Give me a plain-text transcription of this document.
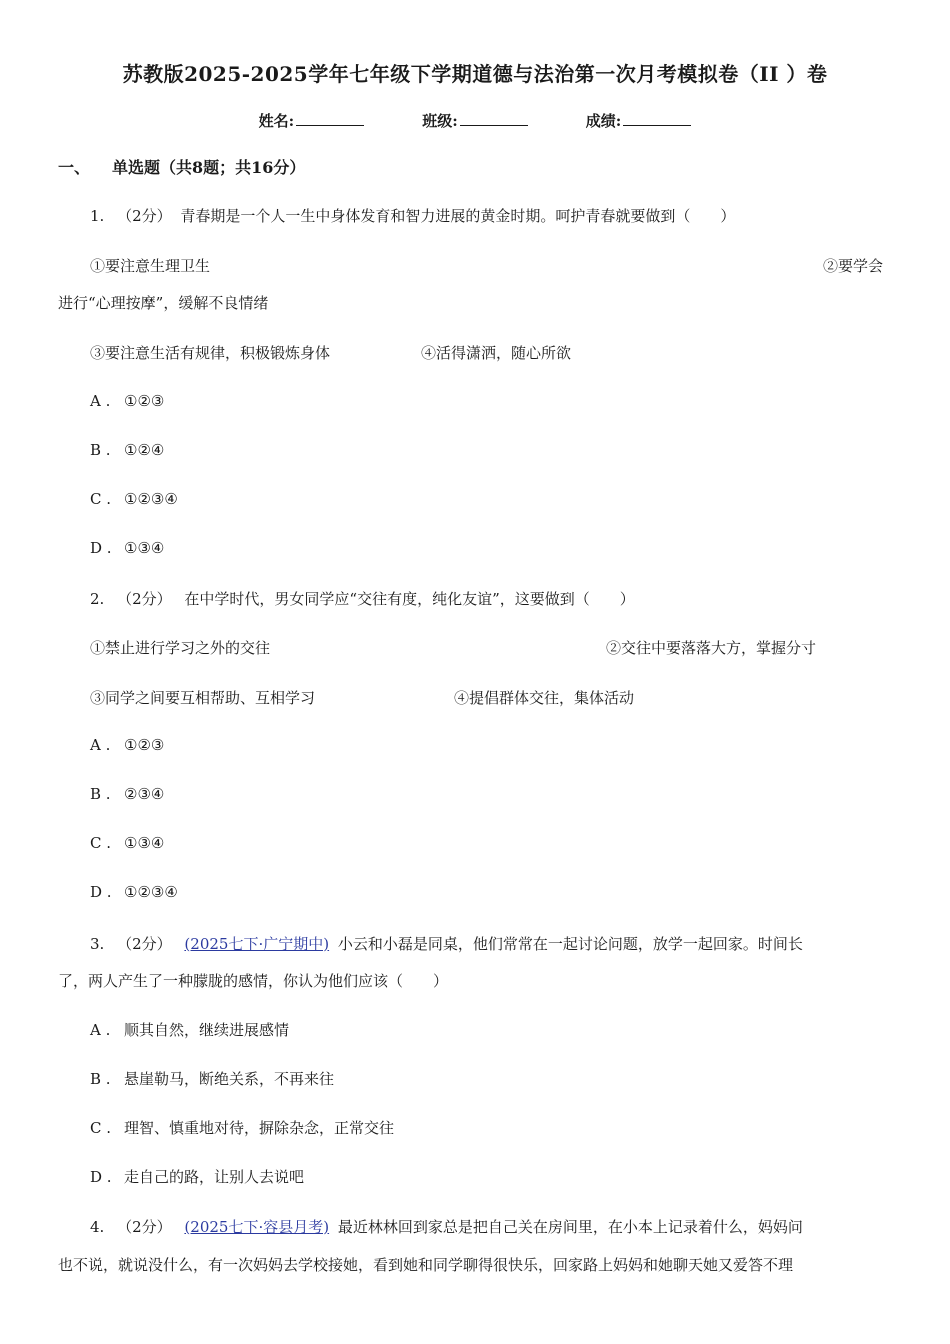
苏教版2025-2025学年七年级下学期道德与法治第一次月考模拟卷（II ）卷
姓名:	班级:	成绩:
一、 单选题（共8题；共16分）
1. （2分） 青春期是一个人一生中身体发育和智力进展的黄金时期。呵护青春就要做到（　　）
①要注意生理卫生	②要学会
进行“心理按摩”，缓解不良情绪
③要注意生活有规律，积极锻炼身体	④活得潇洒，随心所欲
A . ①②③
B . ①②④
C . ①②③④
D . ①③④
2. （2分） 在中学时代，男女同学应“交往有度，纯化友谊”，这要做到（　　）
①禁止进行学习之外的交往	②交往中要落落大方，掌握分寸
③同学之间要互相帮助、互相学习	④提倡群体交往，集体活动
A . ①②③
B . ②③④
C . ①③④
D . ①②③④
3. （2分） (2025七下·广宁期中) 小云和小磊是同桌，他们常常在一起讨论问题，放学一起回家。时间长
了，两人产生了一种朦胧的感情，你认为他们应该（　　）
A . 顺其自然，继续进展感情
B . 悬崖勒马，断绝关系，不再来往
C . 理智、慎重地对待，摒除杂念，正常交往
D . 走自己的路，让别人去说吧
4. （2分） (2025七下·容县月考) 最近林林回到家总是把自己关在房间里，在小本上记录着什么，妈妈问
也不说，就说没什么，有一次妈妈去学校接她，看到她和同学聊得很快乐，回家路上妈妈和她聊天她又爱答不理
